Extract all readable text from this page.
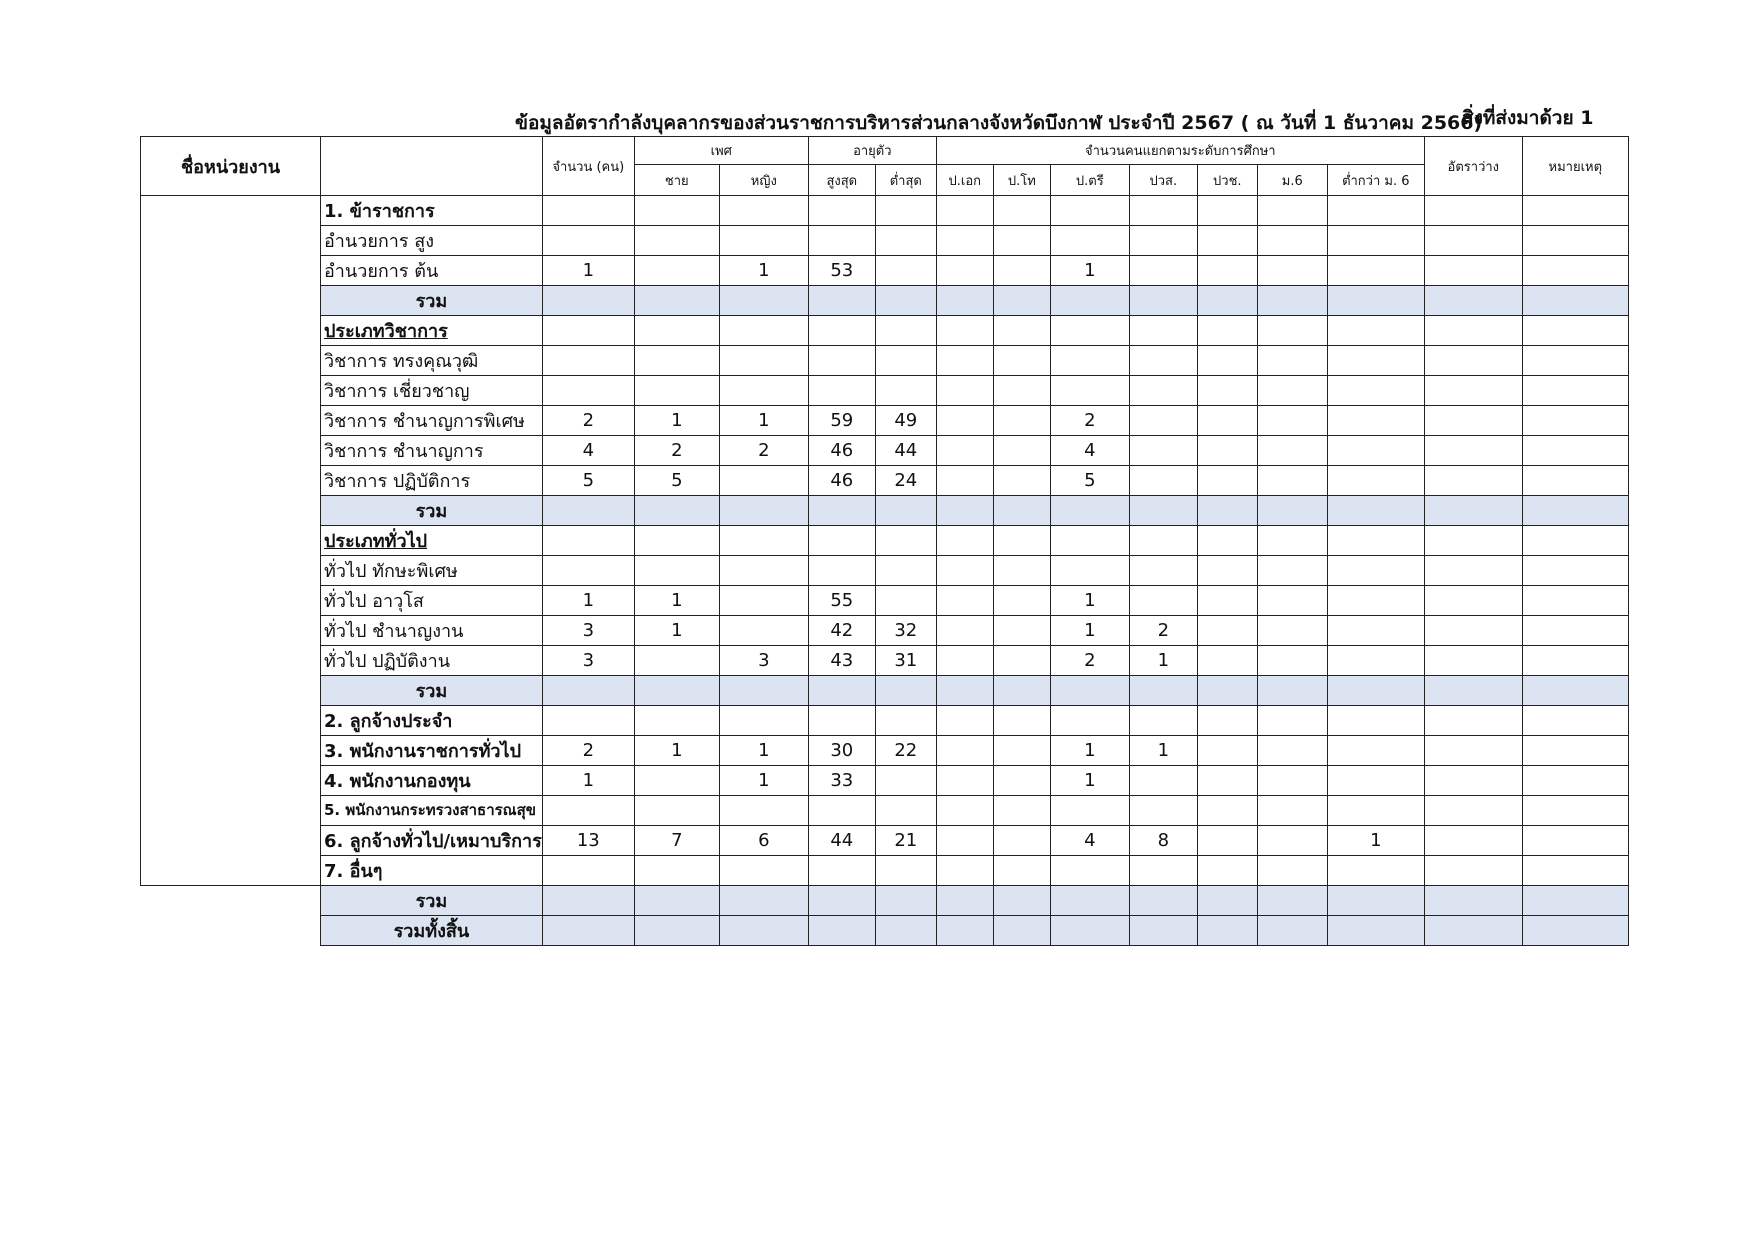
ข้อมูลอัตรากำลังบุคลากรของส่วนราชการบริหารส่วนกลางจังหวัดบึงกาฬ ประจำปี 2567 ( ณ วันที่ 1 ธันวาคม 2566)
สิ่งที่ส่งมาด้วย 1
ชื่อหน่วยงาน		จำนวน (คน)	เพศ		อายุตัว		จำนวนคนแยกตามระดับการศึกษา							อัตราว่าง	หมายเหตุ
			ชาย	หญิง	สูงสุด	ต่ำสุด	ป.เอก	ป.โท	ป.ตรี	ปวส.	ปวช.	ม.6	ต่ำกว่า ม. 6		
	1. ข้าราชการ														
	อำนวยการ สูง														
	อำนวยการ ต้น	1		1	53				1						
	รวม														
	ประเภทวิชาการ														
	วิชาการ ทรงคุณวุฒิ														
	วิชาการ เชี่ยวชาญ														
	วิชาการ ชำนาญการพิเศษ	2	1	1	59	49			2						
	วิชาการ ชำนาญการ	4	2	2	46	44			4						
	วิชาการ ปฏิบัติการ	5	5		46	24			5						
	รวม														
	ประเภททั่วไป														
	ทั่วไป ทักษะพิเศษ														
	ทั่วไป อาวุโส	1	1		55				1						
	ทั่วไป ชำนาญงาน	3	1		42	32			1	2					
	ทั่วไป ปฏิบัติงาน	3		3	43	31			2	1					
	รวม														
	2. ลูกจ้างประจำ														
	3. พนักงานราชการทั่วไป	2	1	1	30	22			1	1					
	4. พนักงานกองทุน	1		1	33				1						
	5. พนักงานกระทรวงสาธารณสุข														
	6. ลูกจ้างทั่วไป/เหมาบริการ	13	7	6	44	21			4	8			1		
	7. อื่นๆ														
	รวม														
	รวมทั้งสิ้น														
